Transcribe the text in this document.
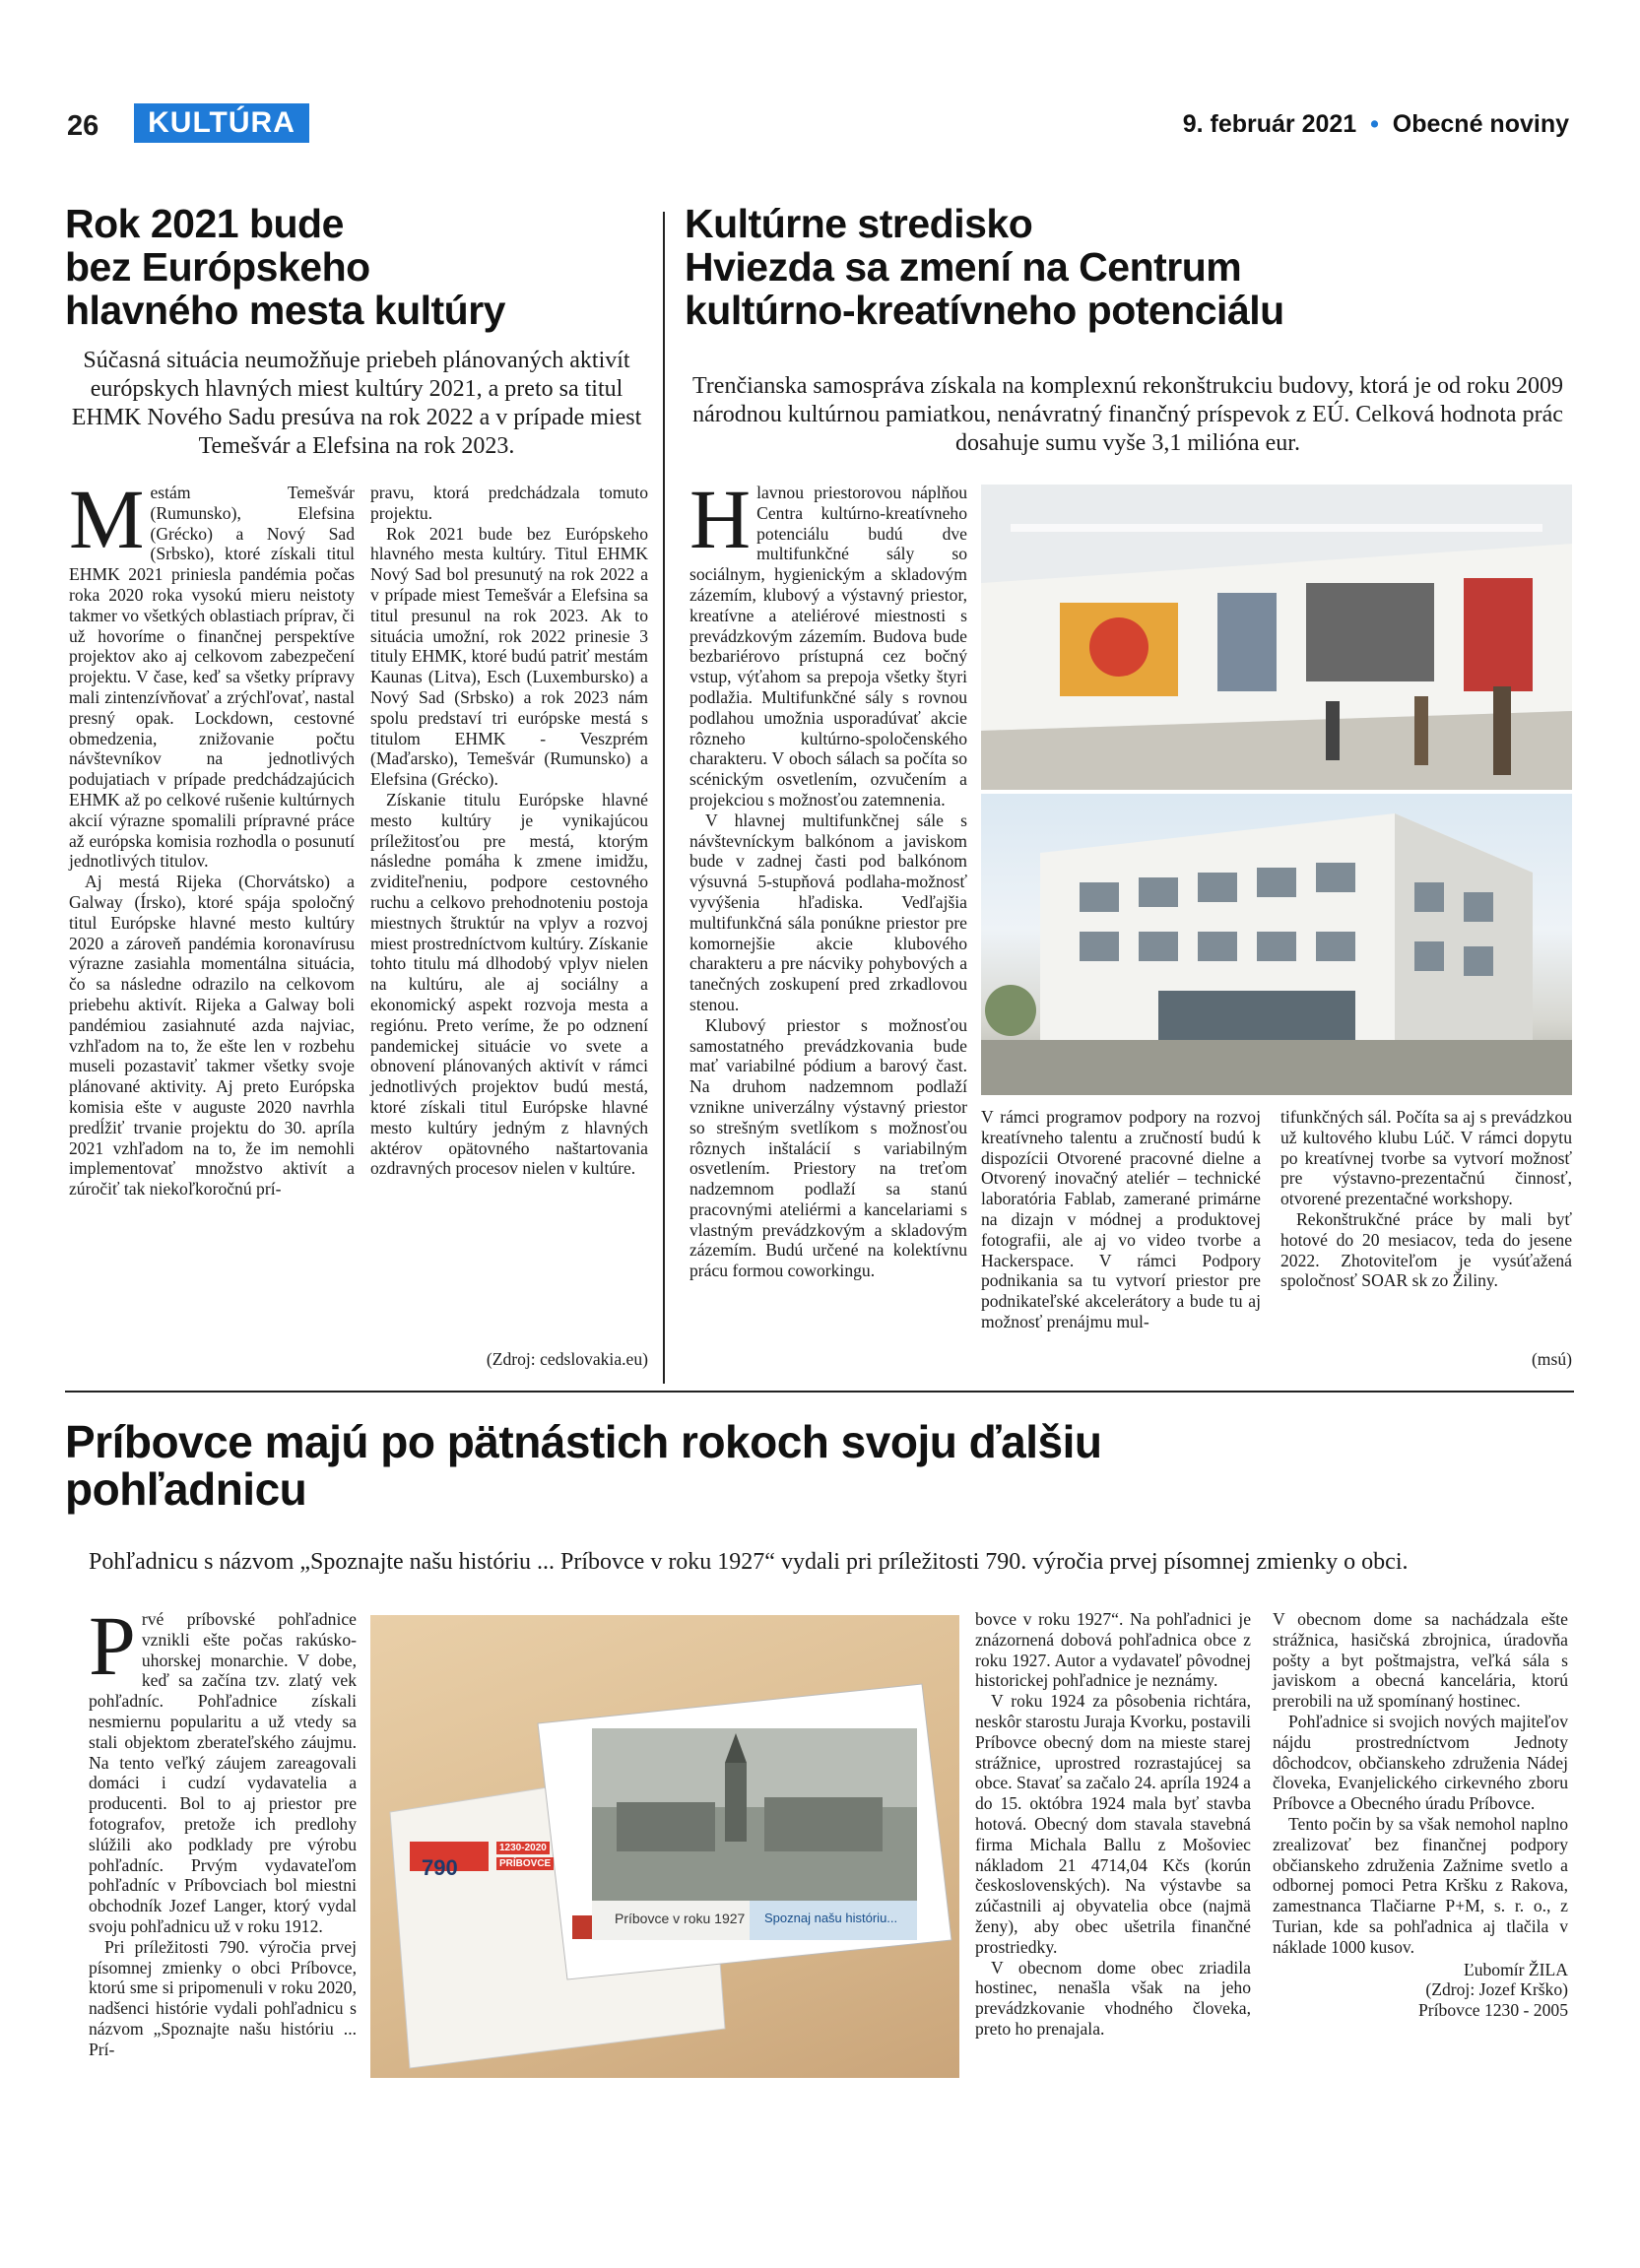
26	KULTÚRA	9. február 2021  •  Obecné noviny
Rok 2021 bude
bez Európskeho
hlavného mesta kultúry
Súčasná situácia neumožňuje priebeh plánovaných aktivít európskych hlavných miest kultúry 2021, a preto sa titul EHMK Nového Sadu presúva na rok 2022 a v prípade miest Temešvár a Elefsina na rok 2023.

Mestám Temešvár (Rumunsko), Elefsina (Grécko) a Nový Sad (Srbsko), ktoré získali titul EHMK 2021 priniesla pandémia počas roka 2020 roka vysokú mieru neistoty takmer vo všetkých oblastiach príprav, či už hovoríme o finančnej perspektíve projektov ako aj celkovom zabezpečení projektu. V čase, keď sa všetky prípravy mali zintenzívňovať a zrýchľovať, nastal presný opak. Lockdown, cestovné obmedzenia, znižovanie počtu návštevníkov na jednotlivých podujatiach v prípade predchádzajúcich EHMK až po celkové rušenie kultúrnych akcií výrazne spomalili prípravné práce až európska komisia rozhodla o posunutí jednotlivých titulov.

Aj mestá Rijeka (Chorvátsko) a Galway (Írsko), ktoré spája spoločný titul Európske hlavné mesto kultúry 2020 a zároveň pandémia koronavírusu výrazne zasiahla momentálna situácia, čo sa následne odrazilo na celkovom priebehu aktivít. Rijeka a Galway boli pandémiou zasiahnuté azda najviac, vzhľadom na to, že ešte len v rozbehu museli pozastaviť takmer všetky svoje plánované aktivity. Aj preto Európska komisia ešte v auguste 2020 navrhla predĺžiť trvanie projektu do 30. apríla 2021 vzhľadom na to, že im nemohli implementovať množstvo aktivít a zúročiť tak niekoľkoročnú prí-

pravu, ktorá predchádzala tomuto projektu.

Rok 2021 bude bez Európskeho hlavného mesta kultúry. Titul EHMK Nový Sad bol presunutý na rok 2022 a v prípade miest Temešvár a Elefsina sa titul presunul na rok 2023. Ak to situácia umožní, rok 2022 prinesie 3 tituly EHMK, ktoré budú patriť mestám Kaunas (Litva), Esch (Luxembursko) a Nový Sad (Srbsko) a rok 2023 nám spolu predstaví tri európske mestá s titulom EHMK - Veszprém (Maďarsko), Temešvár (Rumunsko) a Elefsina (Grécko).

Získanie titulu Európske hlavné mesto kultúry je vynikajúcou príležitosťou pre mestá, ktorým následne pomáha k zmene imidžu, zviditeľneniu, podpore cestovného ruchu a celkovo prehodnoteniu postoja miestnych štruktúr na vplyv a rozvoj miest prostredníctvom kultúry. Získanie tohto titulu má dlhodobý vplyv nielen na kultúru, ale aj sociálny a ekonomický aspekt rozvoja mesta a regiónu. Preto veríme, že po odznení pandemickej situácie vo svete a obnovení plánovaných aktivít v rámci jednotlivých projektov budú mestá, ktoré získali titul Európske hlavné mesto kultúry jedným z hlavných aktérov opätovného naštartovania ozdravných procesov nielen v kultúre.

(Zdroj: cedslovakia.eu)
Kultúrne stredisko
Hviezda sa zmení na Centrum
kultúrno-kreatívneho potenciálu
Trenčianska samospráva získala na komplexnú rekonštrukciu budovy, ktorá je od roku 2009 národnou kultúrnou pamiatkou, nenávratný finančný príspevok z EÚ. Celková hodnota prác dosahuje sumu vyše 3,1 milióna eur.

Hlavnou priestorovou náplňou Centra kultúrno-kreatívneho potenciálu budú dve multifunkčné sály so sociálnym, hygienickým a skladovým zázemím, klubový a výstavný priestor, kreatívne a ateliérové miestnosti s prevádzkovým zázemím. Budova bude bezbariérovo prístupná cez bočný vstup, výťahom sa prepoja všetky štyri podlažia. Multifunkčné sály s rovnou podlahou umožnia usporadúvať akcie rôzneho kultúrno-spoločenského charakteru. V oboch sálach sa počíta so scénickým osvetlením, ozvučením a projekciou s možnosťou zatemnenia.

V hlavnej multifunkčnej sále s návštevníckym balkónom a javiskom bude v zadnej časti pod balkónom výsuvná 5-stupňová podlaha-možnosť vyvýšenia hľadiska. Vedľajšia multifunkčná sála ponúkne priestor pre komornejšie akcie klubového charakteru a pre nácviky pohybových a tanečných zoskupení pred zrkadlovou stenou.

Klubový priestor s možnosťou samostatného prevádzkovania bude mať variabilné pódium a barový čast. Na druhom nadzemnom podlaží vznikne univerzálny výstavný priestor so strešným svetlíkom s možnosťou rôznych inštalácií s variabilným osvetlením. Priestory na treťom nadzemnom podlaží sa stanú pracovnými ateliérmi a kancelariami s vlastným prevádzkovým a skladovým zázemím. Budú určené na kolektívnu prácu formou coworkingu.

V rámci programov podpory na rozvoj kreatívneho talentu a zručností budú k dispozícii Otvorené pracovné dielne a Otvorený inovačný ateliér – technické laboratória Fablab, zamerané primárne na dizajn v módnej a produktovej fotografii, ale aj vo video tvorbe a Hackerspace. V rámci Podpory podnikania sa tu vytvorí priestor pre podnikateľské akcelerátory a bude tu aj možnosť prenájmu mul-

tifunkčných sál. Počíta sa aj s prevádzkou už kultového klubu Lúč. V rámci dopytu po kreatívnej tvorbe sa vytvorí možnosť pre výstavno-prezentačnú činnosť, otvorené prezentačné workshopy.

Rekonštrukčné práce by mali byť hotové do 20 mesiacov, teda do jesene 2022. Zhotoviteľom je vysúťažená spoločnosť SOAR sk zo Žiliny.

(msú)
Príbovce majú po pätnástich rokoch svoju ďalšiu
pohľadnicu
Pohľadnicu s názvom „Spoznajte našu históriu ... Príbovce v roku 1927“ vydali pri príležitosti 790. výročia prvej písomnej zmienky o obci.

Prvé príbovské pohľadnice vznikli ešte počas rakúsko-uhorskej monarchie. V dobe, keď sa začína tzv. zlatý vek pohľadníc. Pohľadnice získali nesmiernu popularitu a už vtedy sa stali objektom zberateľského záujmu. Na tento veľký záujem zareagovali domáci i cudzí vydavatelia a producenti. Bol to aj priestor pre fotografov, pretože ich predlohy slúžili ako podklady pre výrobu pohľadníc. Prvým vydavateľom pohľadníc v Príbovciach bol miestni obchodník Jozef Langer, ktorý vydal svoju pohľadnicu už v roku 1912.

Pri príležitosti 790. výročia prvej písomnej zmienky o obci Príbovce, ktorú sme si pripomenuli v roku 2020, nadšenci histórie vydali pohľadnicu s názvom „Spoznajte našu históriu ... Prí-

790
1230-2020
PRÍBOVCE
Príbovce v roku 1927 Spoznaj našu históriu...

bovce v roku 1927“. Na pohľadnici je znázornená dobová pohľadnica obce z roku 1927. Autor a vydavateľ pôvodnej historickej pohľadnice je neznámy.

V roku 1924 za pôsobenia richtára, neskôr starostu Juraja Kvorku, postavili Príbovce obecný dom na mieste starej strážnice, uprostred rozrastajúcej sa obce. Stavať sa začalo 24. apríla 1924 a do 15. októbra 1924 mala byť stavba hotová. Obecný dom stavala stavebná firma Michala Ballu z Mošoviec nákladom 21 4714,04 Kčs (korún československých). Na výstavbe sa zúčastnili aj obyvatelia obce (najmä ženy), aby obec ušetrila finančné prostriedky.

V obecnom dome obec zriadila hostinec, nenašla však na jeho prevádzkovanie vhodného človeka, preto ho prenajala.

V obecnom dome sa nachádzala ešte strážnica, hasičská zbrojnica, úradovňa pošty a byt poštmajstra, veľká sála s javiskom a obecná kancelária, ktorú prerobili na už spomínaný hostinec.

Pohľadnice si svojich nových majiteľov nájdu prostredníctvom Jednoty dôchodcov, občianskeho združenia Nádej človeka, Evanjelického cirkevného zboru Príbovce a Obecného úradu Príbovce.

Tento počin by sa však nemohol naplno zrealizovať bez finančnej podpory občianskeho združenia Zažnime svetlo a odbornej pomoci Petra Kršku z Rakova, zamestnanca Tlačiarne P+M, s. r. o., z Turian, kde sa pohľadnica aj tlačila v náklade 1000 kusov.

Ľubomír ŽILA
(Zdroj: Jozef Krško)
Príbovce 1230 - 2005
